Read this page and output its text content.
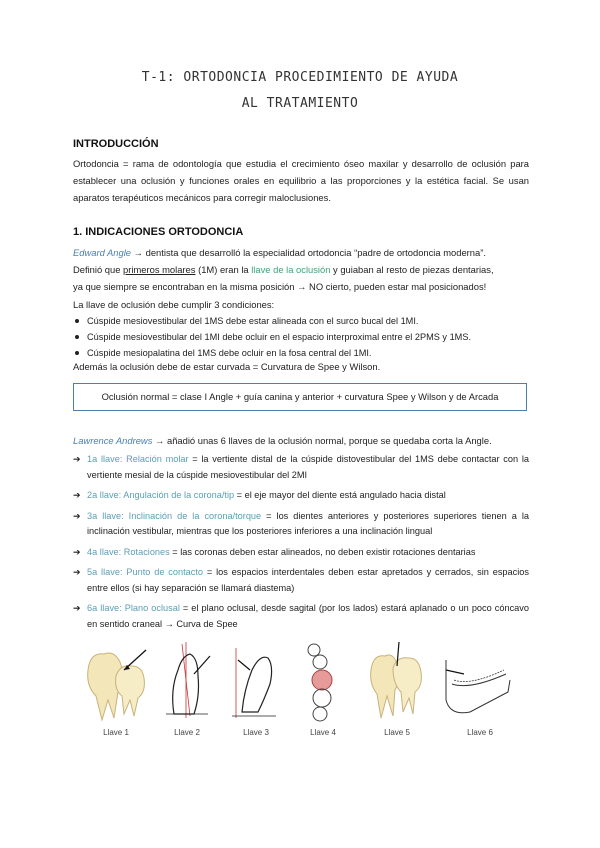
T-1: ORTODONCIA PROCEDIMIENTO DE AYUDA
AL TRATAMIENTO
INTRODUCCIÓN
Ortodoncia = rama de odontología que estudia el crecimiento óseo maxilar y desarrollo de oclusión para establecer una oclusión y funciones orales en equilibrio a las proporciones y la estética facial. Se usan aparatos terapéuticos mecánicos para corregir maloclusiones.
1. INDICACIONES ORTODONCIA
Edward Angle → dentista que desarrolló la especialidad ortodoncia “padre de ortodoncia moderna”.
Definió que primeros molares (1M) eran la llave de la oclusión y guiaban al resto de piezas dentarias,
ya que siempre se encontraban en la misma posición → NO cierto, pueden estar mal posicionados!
La llave de oclusión debe cumplir 3 condiciones:
Cúspide mesiovestibular del 1MS debe estar alineada con el surco bucal del 1MI.
Cúspide mesiovestibular del 1MI debe ocluir en el espacio interproximal entre el 2PMS y 1MS.
Cúspide mesiopalatina del 1MS debe ocluir en la fosa central del 1MI.
Además la oclusión debe de estar curvada = Curvatura de Spee y Wilson.
Oclusión normal = clase I Angle + guía canina y anterior + curvatura Spee y Wilson y de Arcada
Lawrence Andrews → añadió unas 6 llaves de la oclusión normal, porque se quedaba corta la Angle.
➔ 1a llave: Relación molar = la vertiente distal de la cúspide distovestibular del 1MS debe contactar con la vertiente mesial de la cúspide mesiovestibular del 2MI
➔ 2a llave: Angulación de la corona/tip = el eje mayor del diente está angulado hacia distal
➔ 3a llave: Inclinación de la corona/torque = los dientes anteriores y posteriores superiores tienen a la inclinación vestibular, mientras que los posteriores inferiores a una inclinación lingual
➔ 4a llave: Rotaciones = las coronas deben estar alineados, no deben existir rotaciones dentarias
➔ 5a llave: Punto de contacto = los espacios interdentales deben estar apretados y cerrados, sin espacios entre ellos (si hay separación se llamará diastema)
➔ 6a llave: Plano oclusal = el plano oclusal, desde sagital (por los lados) estará aplanado o un poco cóncavo en sentido craneal → Curva de Spee
Llave 1	Llave 2	Llave 3	Llave 4	Llave 5	Llave 6
